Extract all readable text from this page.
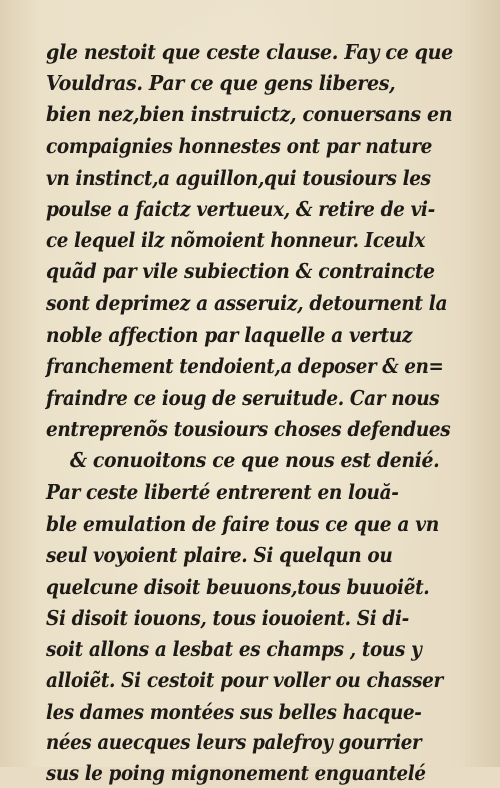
gle nestoit que ceste clause. Fay ce que
Vouldras. Par ce que gens liberes,
bien nez,bien instruictz, conuersans en
compaignies honnestes ont par nature
vn instinct,a aguillon,qui tousiours les
poulse a faictz vertueux, & retire de vi-
ce lequel ilz nõmoient honneur. Iceulx
quãd par vile subiection & contraincte
sont deprimez a asseruiz, detournent la
noble affection par laquelle a vertuz
franchement tendoient,a deposer & en=
fraindre ce ioug de seruitude. Car nous
entreprenõs tousiours choses defendues
& conuoitons ce que nous est denié.
Par ceste liberté entrerent en louă-
ble emulation de faire tous ce que a vn
seul voyoient plaire. Si quelqun ou
quelcune disoit beuuons,tous buuoiẽt.
Si disoit iouons, tous iouoient. Si di-
soit allons a lesbat es champs , tous y
alloiẽt. Si cestoit pour voller ou chasser
les dames montées sus belles hacque-
nées auecques leurs palefroy gourrier
sus le poing mignonement enguantelé
